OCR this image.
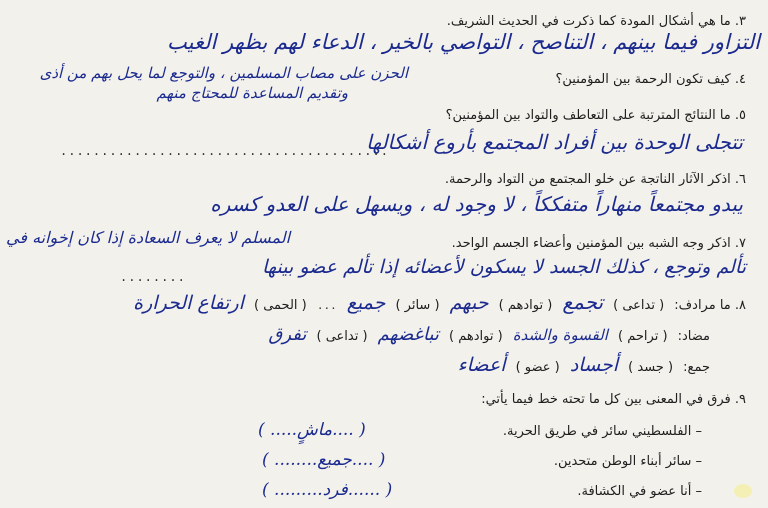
٣. ما هي أشكال المودة كما ذكرت في الحديث الشريف.
التزاور فيما بينهم ، التناصح ، التواصي بالخير ، الدعاء لهم بظهر الغيب
٤. كيف تكون الرحمة بين المؤمنين؟
الحزن على مصاب المسلمين ، والتوجع لما يحل بهم من أذى
وتقديم المساعدة للمحتاج منهم
٥. ما النتائج المترتبة على التعاطف والتواد بين المؤمنين؟
تتجلى الوحدة بين أفراد المجتمع بأروع أشكالها
........................................
٦. اذكر الآثار الناتجة عن خلو المجتمع من التواد والرحمة.
يبدو مجتمعاً منهاراً متفككاً ، لا وجود له ، ويسهل على العدو كسره
٧. اذكر وجه الشبه بين المؤمنين وأعضاء الجسم الواحد.
المسلم لا يعرف السعادة إذا كان إخوانه في
تألم وتوجع ، كذلك الجسد لا يسكون لأعضائه إذا تألم عضو بينها
........
٨. ما مرادف: ( تداعى ) تجمع ( توادهم ) حبهم ( سائر ) جميع ... ( الحمى ) ارتفاع الحرارة
مضاد: ( تراحم ) القسوة والشدة ( توادهم ) تباغضهم ( تداعى ) تفرق
جمع: ( جسد ) أجساد ( عضو ) أعضاء
٩. فرق في المعنى بين كل ما تحته خط فيما يأتي:
– الفلسطيني سائر في طريق الحرية.
( ....ماشٍ..... )
– سائر أبناء الوطن متحدين.
( ....جميع........ )
– أنا عضو في الكشافة.
( ......فرد......... )
